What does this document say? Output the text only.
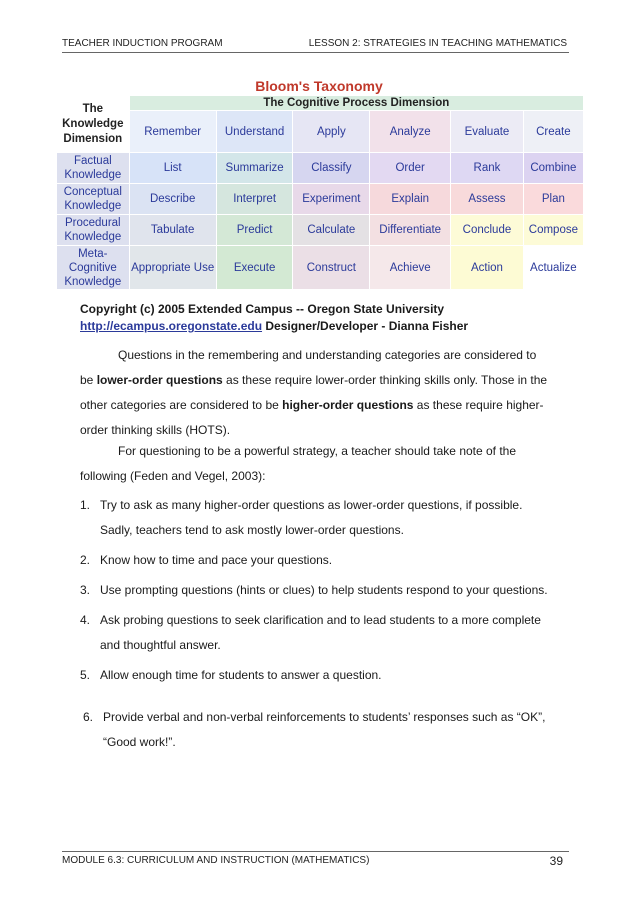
TEACHER INDUCTION PROGRAM	LESSON 2: STRATEGIES IN TEACHING MATHEMATICS
Bloom's Taxonomy
The Knowledge Dimension	The Cognitive Process Dimension					
	Remember	Understand	Apply	Analyze	Evaluate	Create
Factual Knowledge	List	Summarize	Classify	Order	Rank	Combine
Conceptual Knowledge	Describe	Interpret	Experiment	Explain	Assess	Plan
Procedural Knowledge	Tabulate	Predict	Calculate	Differentiate	Conclude	Compose
Meta-Cognitive Knowledge	Appropriate Use	Execute	Construct	Achieve	Action	Actualize
Copyright (c) 2005 Extended Campus -- Oregon State University
http://ecampus.oregonstate.edu Designer/Developer - Dianna Fisher
Questions in the remembering and understanding categories are considered to be lower-order questions as these require lower-order thinking skills only. Those in the other categories are considered to be higher-order questions as these require higher-order thinking skills (HOTS).
For questioning to be a powerful strategy, a teacher should take note of the following (Feden and Vegel, 2003):
1. Try to ask as many higher-order questions as lower-order questions, if possible. Sadly, teachers tend to ask mostly lower-order questions.
2. Know how to time and pace your questions.
3. Use prompting questions (hints or clues) to help students respond to your questions.
4. Ask probing questions to seek clarification and to lead students to a more complete and thoughtful answer.
5. Allow enough time for students to answer a question.
6. Provide verbal and non-verbal reinforcements to students’ responses such as “OK”, “Good work!”.
MODULE 6.3: CURRICULUM AND INSTRUCTION (MATHEMATICS)	39
